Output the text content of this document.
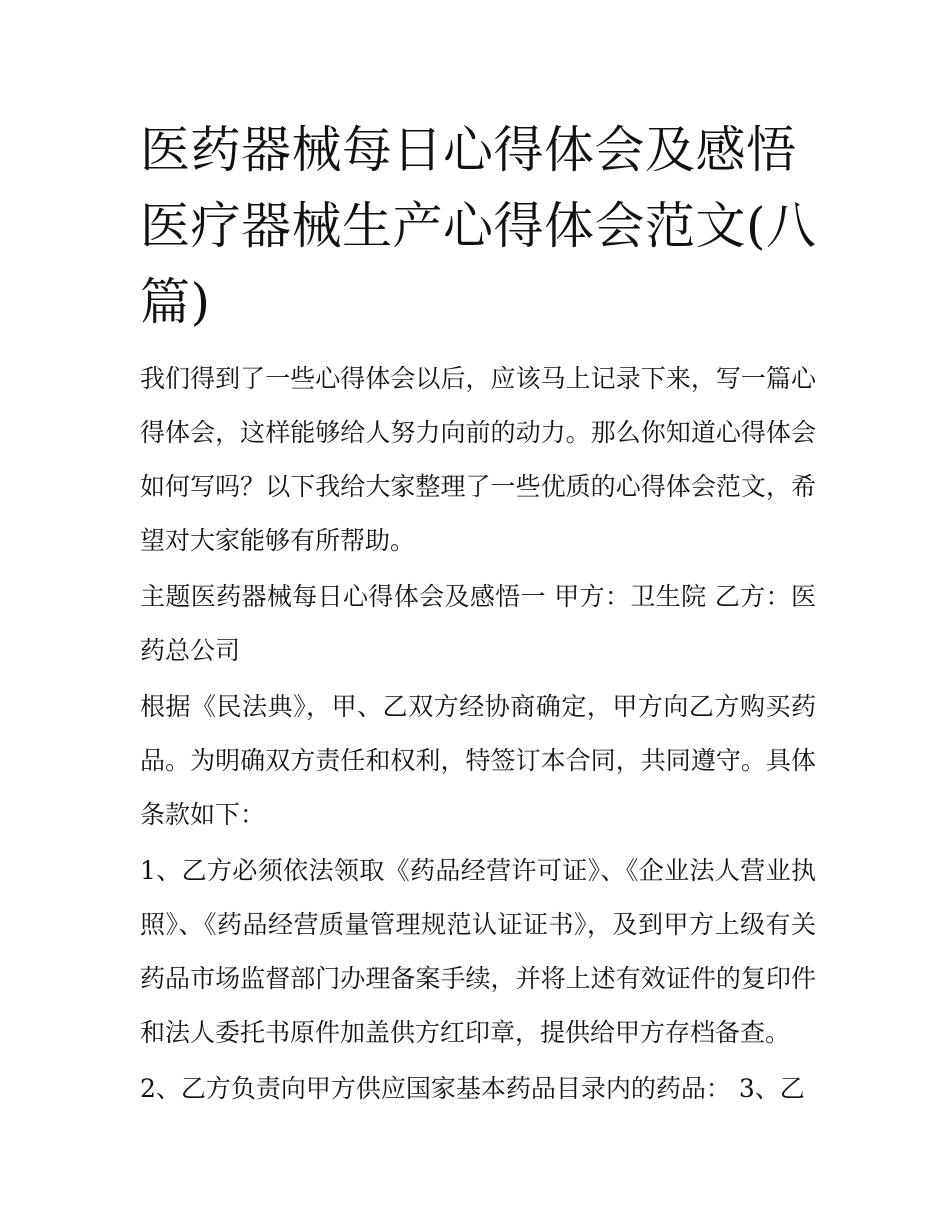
医药器械每日心得体会及感悟医疗器械生产心得体会范文(八篇)

我们得到了一些心得体会以后，应该马上记录下来，写一篇心得体会，这样能够给人努力向前的动力。那么你知道心得体会如何写吗？以下我给大家整理了一些优质的心得体会范文，希望对大家能够有所帮助。

主题医药器械每日心得体会及感悟一 甲方：卫生院 乙方：医药总公司

根据《民法典》，甲、乙双方经协商确定，甲方向乙方购买药品。为明确双方责任和权利，特签订本合同，共同遵守。具体条款如下：

1、乙方必须依法领取《药品经营许可证》、《企业法人营业执照》、《药品经营质量管理规范认证证书》，及到甲方上级有关药品市场监督部门办理备案手续，并将上述有效证件的复印件和法人委托书原件加盖供方红印章，提供给甲方存档备查。

2、乙方负责向甲方供应国家基本药品目录内的药品： 3、乙
